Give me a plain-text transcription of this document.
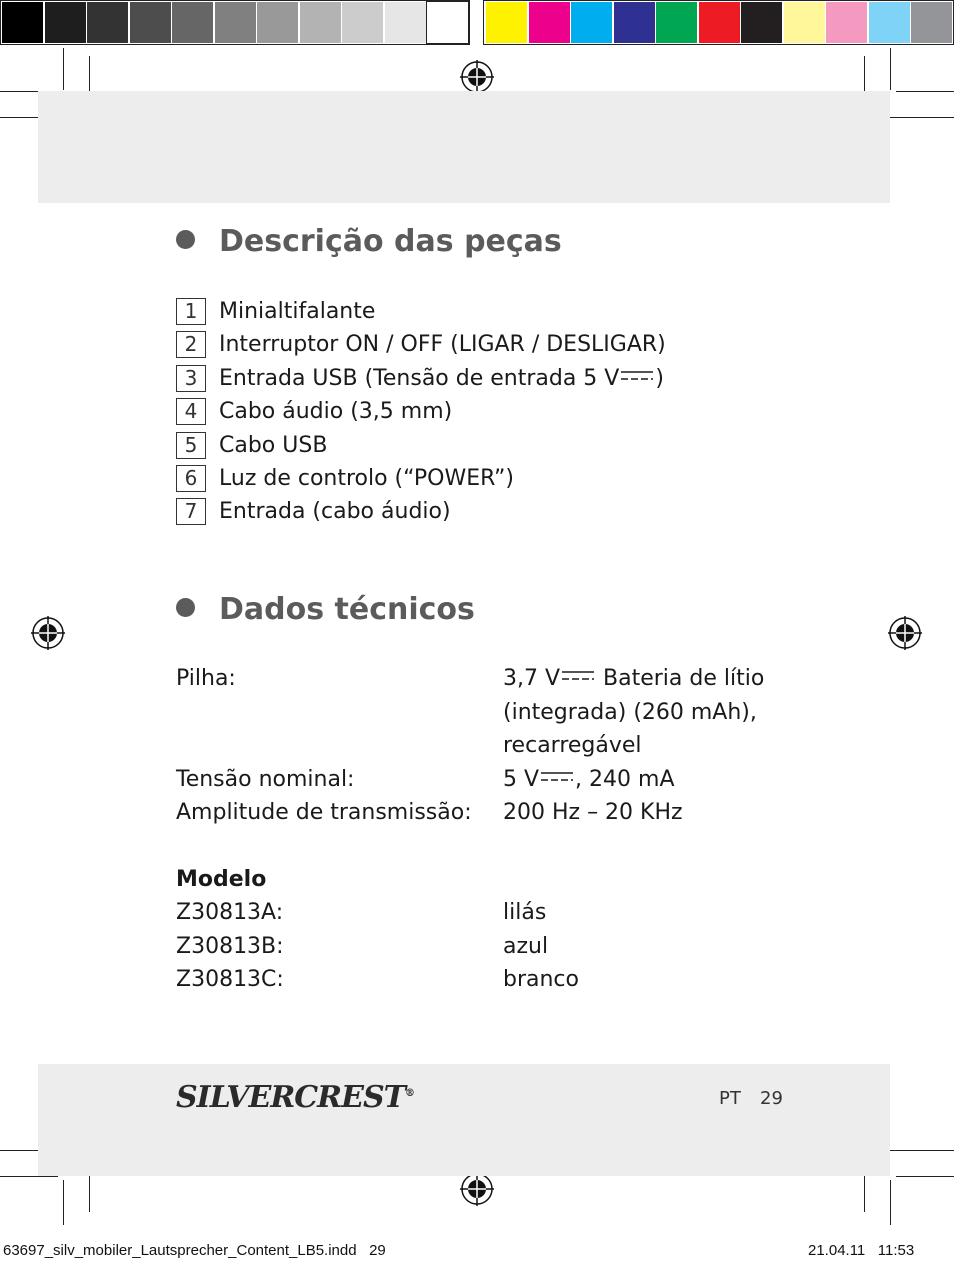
Descrição das peças
1 Minialtifalante
2 Interruptor ON / OFF (LIGAR / DESLIGAR)
3 Entrada USB (Tensão de entrada 5 V )
4 Cabo áudio (3,5 mm)
5 Cabo USB
6 Luz de controlo (“POWER”)
7 Entrada (cabo áudio)
Dados técnicos
Pilha:	3,7 V Bateria de lítio
(integrada) (260 mAh),
recarregável
Tensão nominal:	5 V , 240 mA
Amplitude de transmissão: 200 Hz – 20 KHz
Modelo
Z30813A:	lilás
Z30813B:	azul
Z30813C:	branco
SILVERCREST®	PT 29
63697_silv_mobiler_Lautsprecher_Content_LB5.indd   29	21.04.11   11:53
